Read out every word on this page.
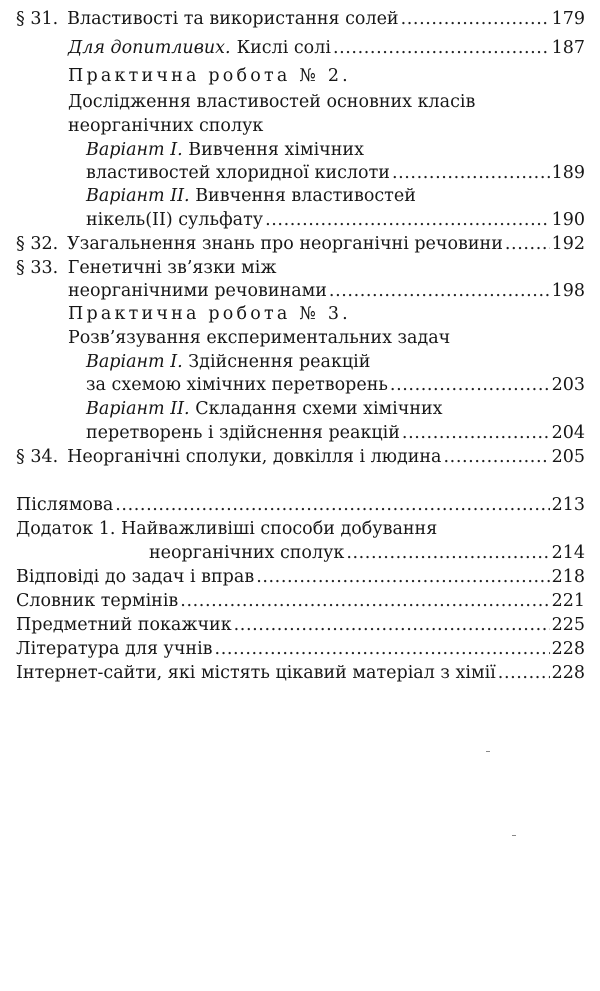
§ 31. Властивості та використання солей .....	179
Для допитливих. Кислі солі .....	187
Практична робота № 2.
Дослідження властивостей основних класів
неорганічних сполук
Варіант I. Вивчення хімічних
властивостей хлоридної кислоти .....	189
Варіант II. Вивчення властивостей
нікель(II) сульфату .....	190
§ 32. Узагальнення знань про неорганічні речовини .....	192
§ 33. Генетичні зв’язки між
неорганічними речовинами .....	198
Практична робота № 3.
Розв’язування експериментальних задач
Варіант I. Здійснення реакцій
за схемою хімічних перетворень .....	203
Варіант II. Складання схеми хімічних
перетворень і здійснення реакцій .....	204
§ 34. Неорганічні сполуки, довкілля і людина .....	205
Післямова .....	213
Додаток 1. Найважливіші способи добування
неорганічних сполук .....	214
Відповіді до задач і вправ .....	218
Словник термінів .....	221
Предметний покажчик .....	225
Література для учнів .....	228
Інтернет-сайти, які містять цікавий матеріал з хімії .....	228
